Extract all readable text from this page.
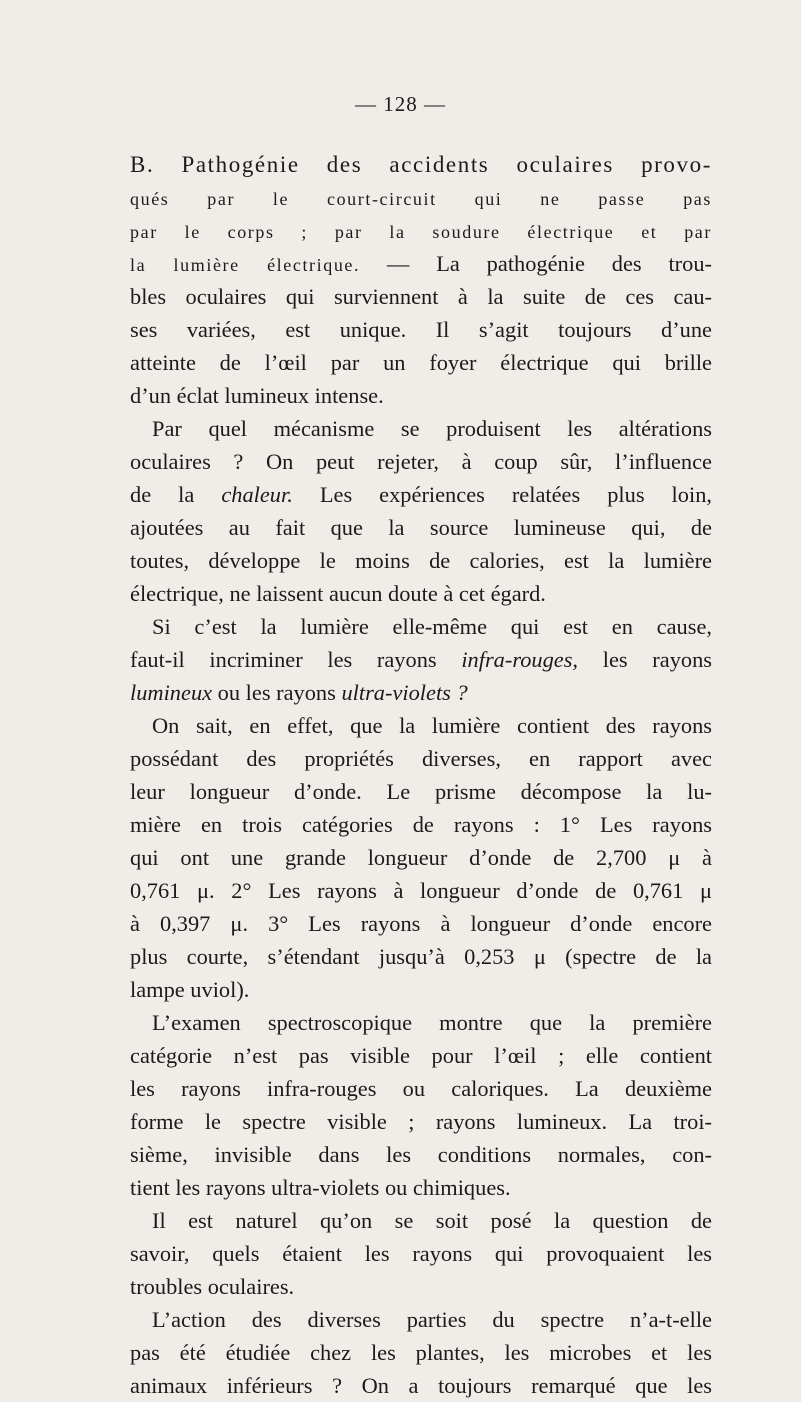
— 128 —
B. Pathogénie des accidents oculaires provo-
qués par le court-circuit qui ne passe pas
par le corps ; par la soudure électrique et par
la lumière électrique. — La pathogénie des trou-
bles oculaires qui surviennent à la suite de ces cau-
ses variées, est unique. Il s’agit toujours d’une
atteinte de l’œil par un foyer électrique qui brille
d’un éclat lumineux intense.
Par quel mécanisme se produisent les altérations
oculaires ? On peut rejeter, à coup sûr, l’influence
de la chaleur. Les expériences relatées plus loin,
ajoutées au fait que la source lumineuse qui, de
toutes, développe le moins de calories, est la lumière
électrique, ne laissent aucun doute à cet égard.
Si c’est la lumière elle-même qui est en cause,
faut-il incriminer les rayons infra-rouges, les rayons
lumineux ou les rayons ultra-violets ?
On sait, en effet, que la lumière contient des rayons
possédant des propriétés diverses, en rapport avec
leur longueur d’onde. Le prisme décompose la lu-
mière en trois catégories de rayons : 1° Les rayons
qui ont une grande longueur d’onde de 2,700 μ à
0,761 μ. 2° Les rayons à longueur d’onde de 0,761 μ
à 0,397 μ. 3° Les rayons à longueur d’onde encore
plus courte, s’étendant jusqu’à 0,253 μ (spectre de la
lampe uviol).
L’examen spectroscopique montre que la première
catégorie n’est pas visible pour l’œil ; elle contient
les rayons infra-rouges ou caloriques. La deuxième
forme le spectre visible ; rayons lumineux. La troi-
sième, invisible dans les conditions normales, con-
tient les rayons ultra-violets ou chimiques.
Il est naturel qu’on se soit posé la question de
savoir, quels étaient les rayons qui provoquaient les
troubles oculaires.
L’action des diverses parties du spectre n’a-t-elle
pas été étudiée chez les plantes, les microbes et les
animaux inférieurs ? On a toujours remarqué que les
